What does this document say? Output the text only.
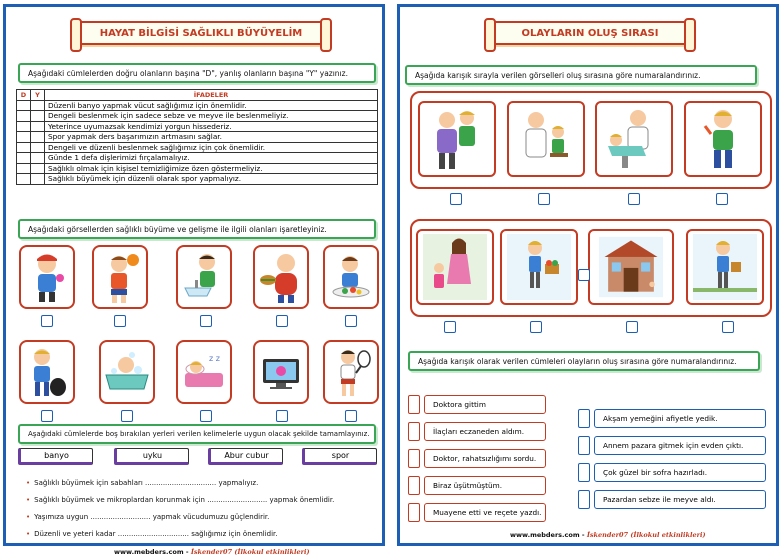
HAYAT BİLGİSİ SAĞLIKLI BÜYÜYELİM
Aşağıdaki cümlelerden doğru olanların başına "D", yanlış olanların başına "Y" yazınız.
D	Y	İFADELER
		Düzenli banyo yapmak vücut sağlığımız için önemlidir.
		Dengeli beslenmek için sadece sebze ve meyve ile beslenmeliyiz.
		Yeterince uyumazsak kendimizi yorgun hissederiz.
		Spor yapmak ders başarımızın artmasını sağlar.
		Dengeli ve düzenli beslenmek sağlığımız için çok önemlidir.
		Günde 1 defa dişlerimizi fırçalamalıyız.
		Sağlıklı olmak için kişisel temizliğimize özen göstermeliyiz.
		Sağlıklı büyümek için düzenli olarak spor yapmalıyız.
Aşağıdaki görsellerden sağlıklı büyüme ve gelişme ile ilgili olanları işaretleyiniz.
z z
Aşağıdaki cümlelerde boş bırakılan yerleri verilen kelimelerle uygun olacak şekilde tamamlayınız.
banyo	uyku	Abur cubur	spor
• Sağlıklı büyümek için sabahları ................................ yapmalıyız.
• Sağlıklı büyümek ve mikroplardan korunmak için ........................... yapmak önemlidir.
• Yaşımıza uygun ........................... yapmak vücudumuzu güçlendirir.
• Düzenli ve yeteri kadar ................................ sağlığımız için önemlidir.
www.mebders.com - İskender07 (İlkokul etkinlikleri)
OLAYLARIN OLUŞ SIRASI
Aşağıda karışık sırayla verilen görselleri oluş sırasına göre numaralandırınız.
Aşağıda karışık olarak verilen cümleleri olayların oluş sırasına göre numaralandırınız.
Doktora gittim
İlaçları eczaneden aldım.
Doktor, rahatsızlığımı sordu.
Biraz üşütmüştüm.
Muayene etti ve reçete yazdı.
Akşam yemeğini afiyetle yedik.
Annem pazara gitmek için evden çıktı.
Çok güzel bir sofra hazırladı.
Pazardan sebze ile meyve aldı.
www.mebders.com - İskender07 (İlkokul etkinlikleri)
